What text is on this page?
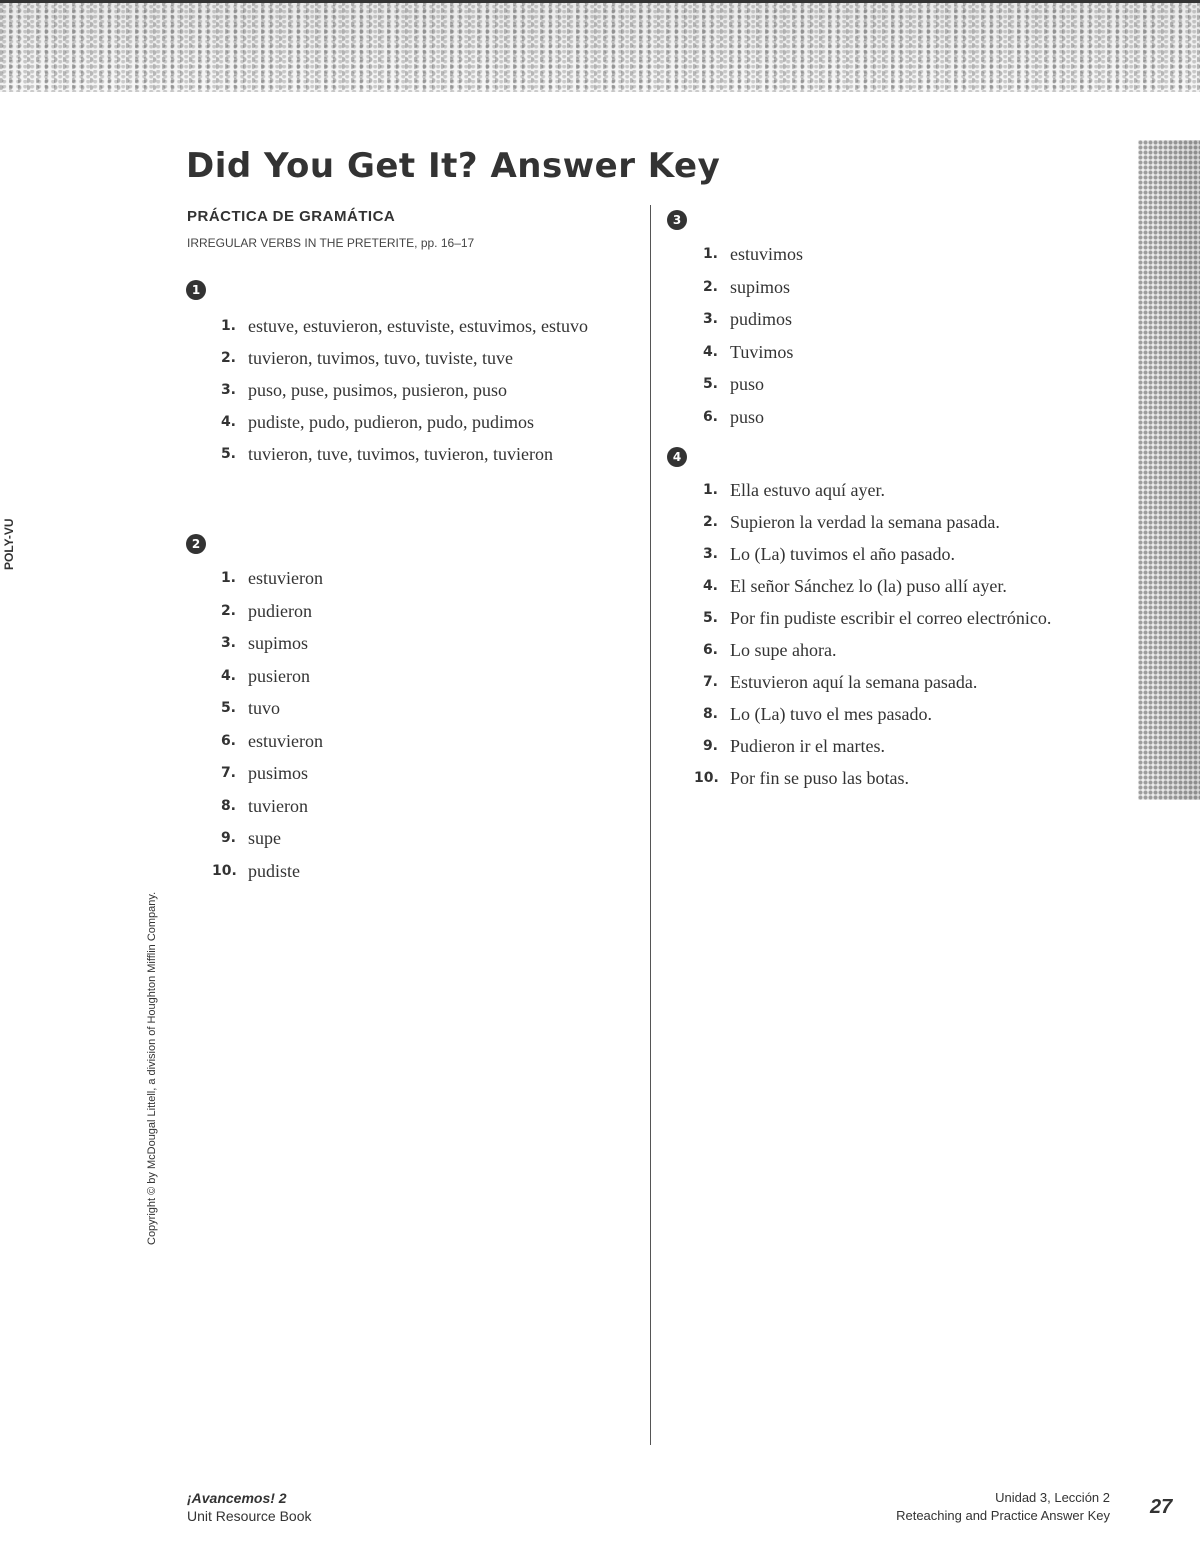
POLY-VU
Did You Get It? Answer Key
PRÁCTICA DE GRAMÁTICA
IRREGULAR VERBS IN THE PRETERITE, pp. 16–17
1
1. estuve, estuvieron, estuviste, estuvimos, estuvo
2. tuvieron, tuvimos, tuvo, tuviste, tuve
3. puso, puse, pusimos, pusieron, puso
4. pudiste, pudo, pudieron, pudo, pudimos
5. tuvieron, tuve, tuvimos, tuvieron, tuvieron
2
1. estuvieron
2. pudieron
3. supimos
4. pusieron
5. tuvo
6. estuvieron
7. pusimos
8. tuvieron
9. supe
10. pudiste
3
1. estuvimos
2. supimos
3. pudimos
4. Tuvimos
5. puso
6. puso
4
1. Ella estuvo aquí ayer.
2. Supieron la verdad la semana pasada.
3. Lo (La) tuvimos el año pasado.
4. El señor Sánchez lo (la) puso allí ayer.
5. Por fin pudiste escribir el correo electrónico.
6. Lo supe ahora.
7. Estuvieron aquí la semana pasada.
8. Lo (La) tuvo el mes pasado.
9. Pudieron ir el martes.
10. Por fin se puso las botas.
Copyright © by McDougal Littell, a division of Houghton Mifflin Company.
¡Avancemos! 2
Unit Resource Book
Unidad 3, Lección 2
Reteaching and Practice Answer Key 27
